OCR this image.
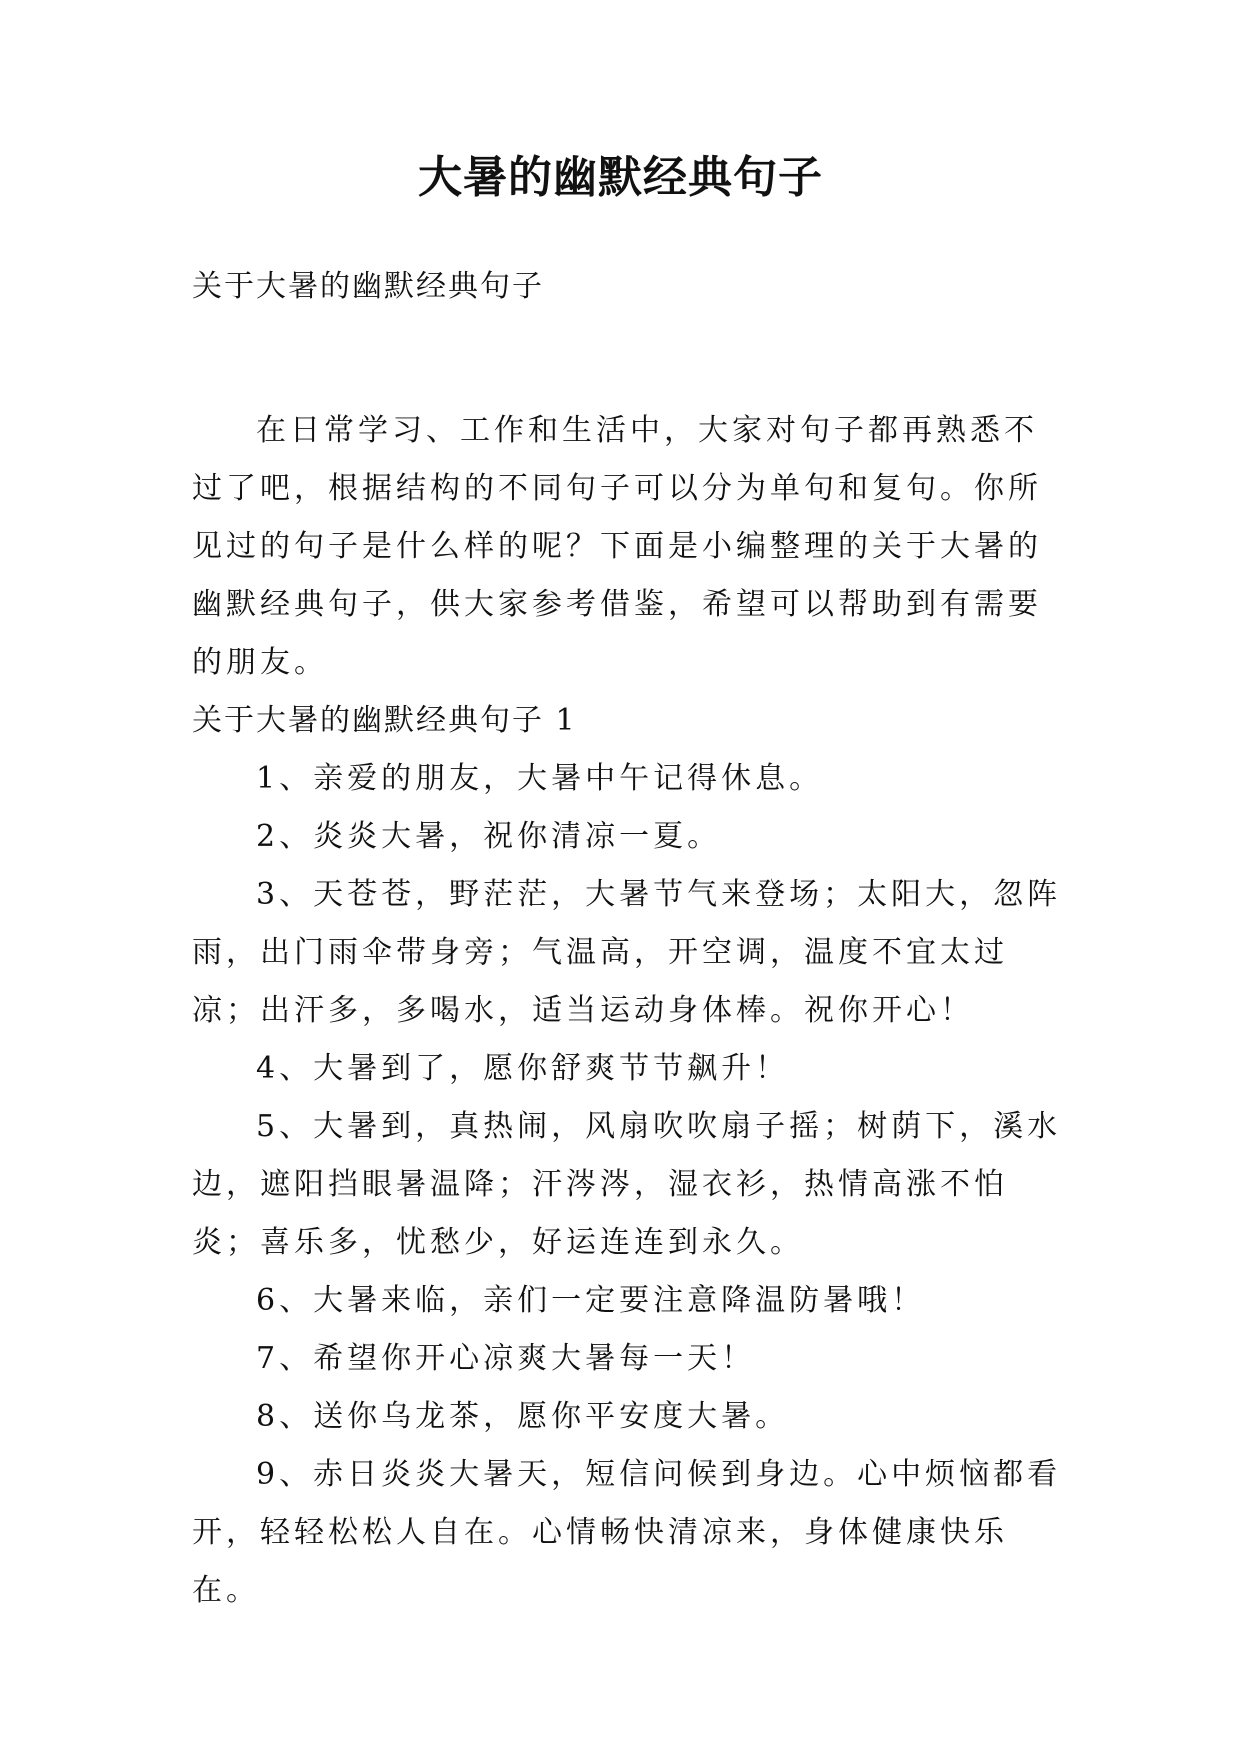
大暑的幽默经典句子
关于大暑的幽默经典句子

在日常学习、工作和生活中，大家对句子都再熟悉不过了吧，根据结构的不同句子可以分为单句和复句。你所见过的句子是什么样的呢？下面是小编整理的关于大暑的幽默经典句子，供大家参考借鉴，希望可以帮助到有需要的朋友。

关于大暑的幽默经典句子 1

1、亲爱的朋友，大暑中午记得休息。

2、炎炎大暑，祝你清凉一夏。

3、天苍苍，野茫茫，大暑节气来登场；太阳大，忽阵雨，出门雨伞带身旁；气温高，开空调，温度不宜太过凉；出汗多，多喝水，适当运动身体棒。祝你开心！

4、大暑到了，愿你舒爽节节飙升！

5、大暑到，真热闹，风扇吹吹扇子摇；树荫下，溪水边，遮阳挡眼暑温降；汗涔涔，湿衣衫，热情高涨不怕炎；喜乐多，忧愁少，好运连连到永久。

6、大暑来临，亲们一定要注意降温防暑哦！

7、希望你开心凉爽大暑每一天！

8、送你乌龙茶，愿你平安度大暑。

9、赤日炎炎大暑天，短信问候到身边。心中烦恼都看开，轻轻松松人自在。心情畅快清凉来，身体健康快乐在。
